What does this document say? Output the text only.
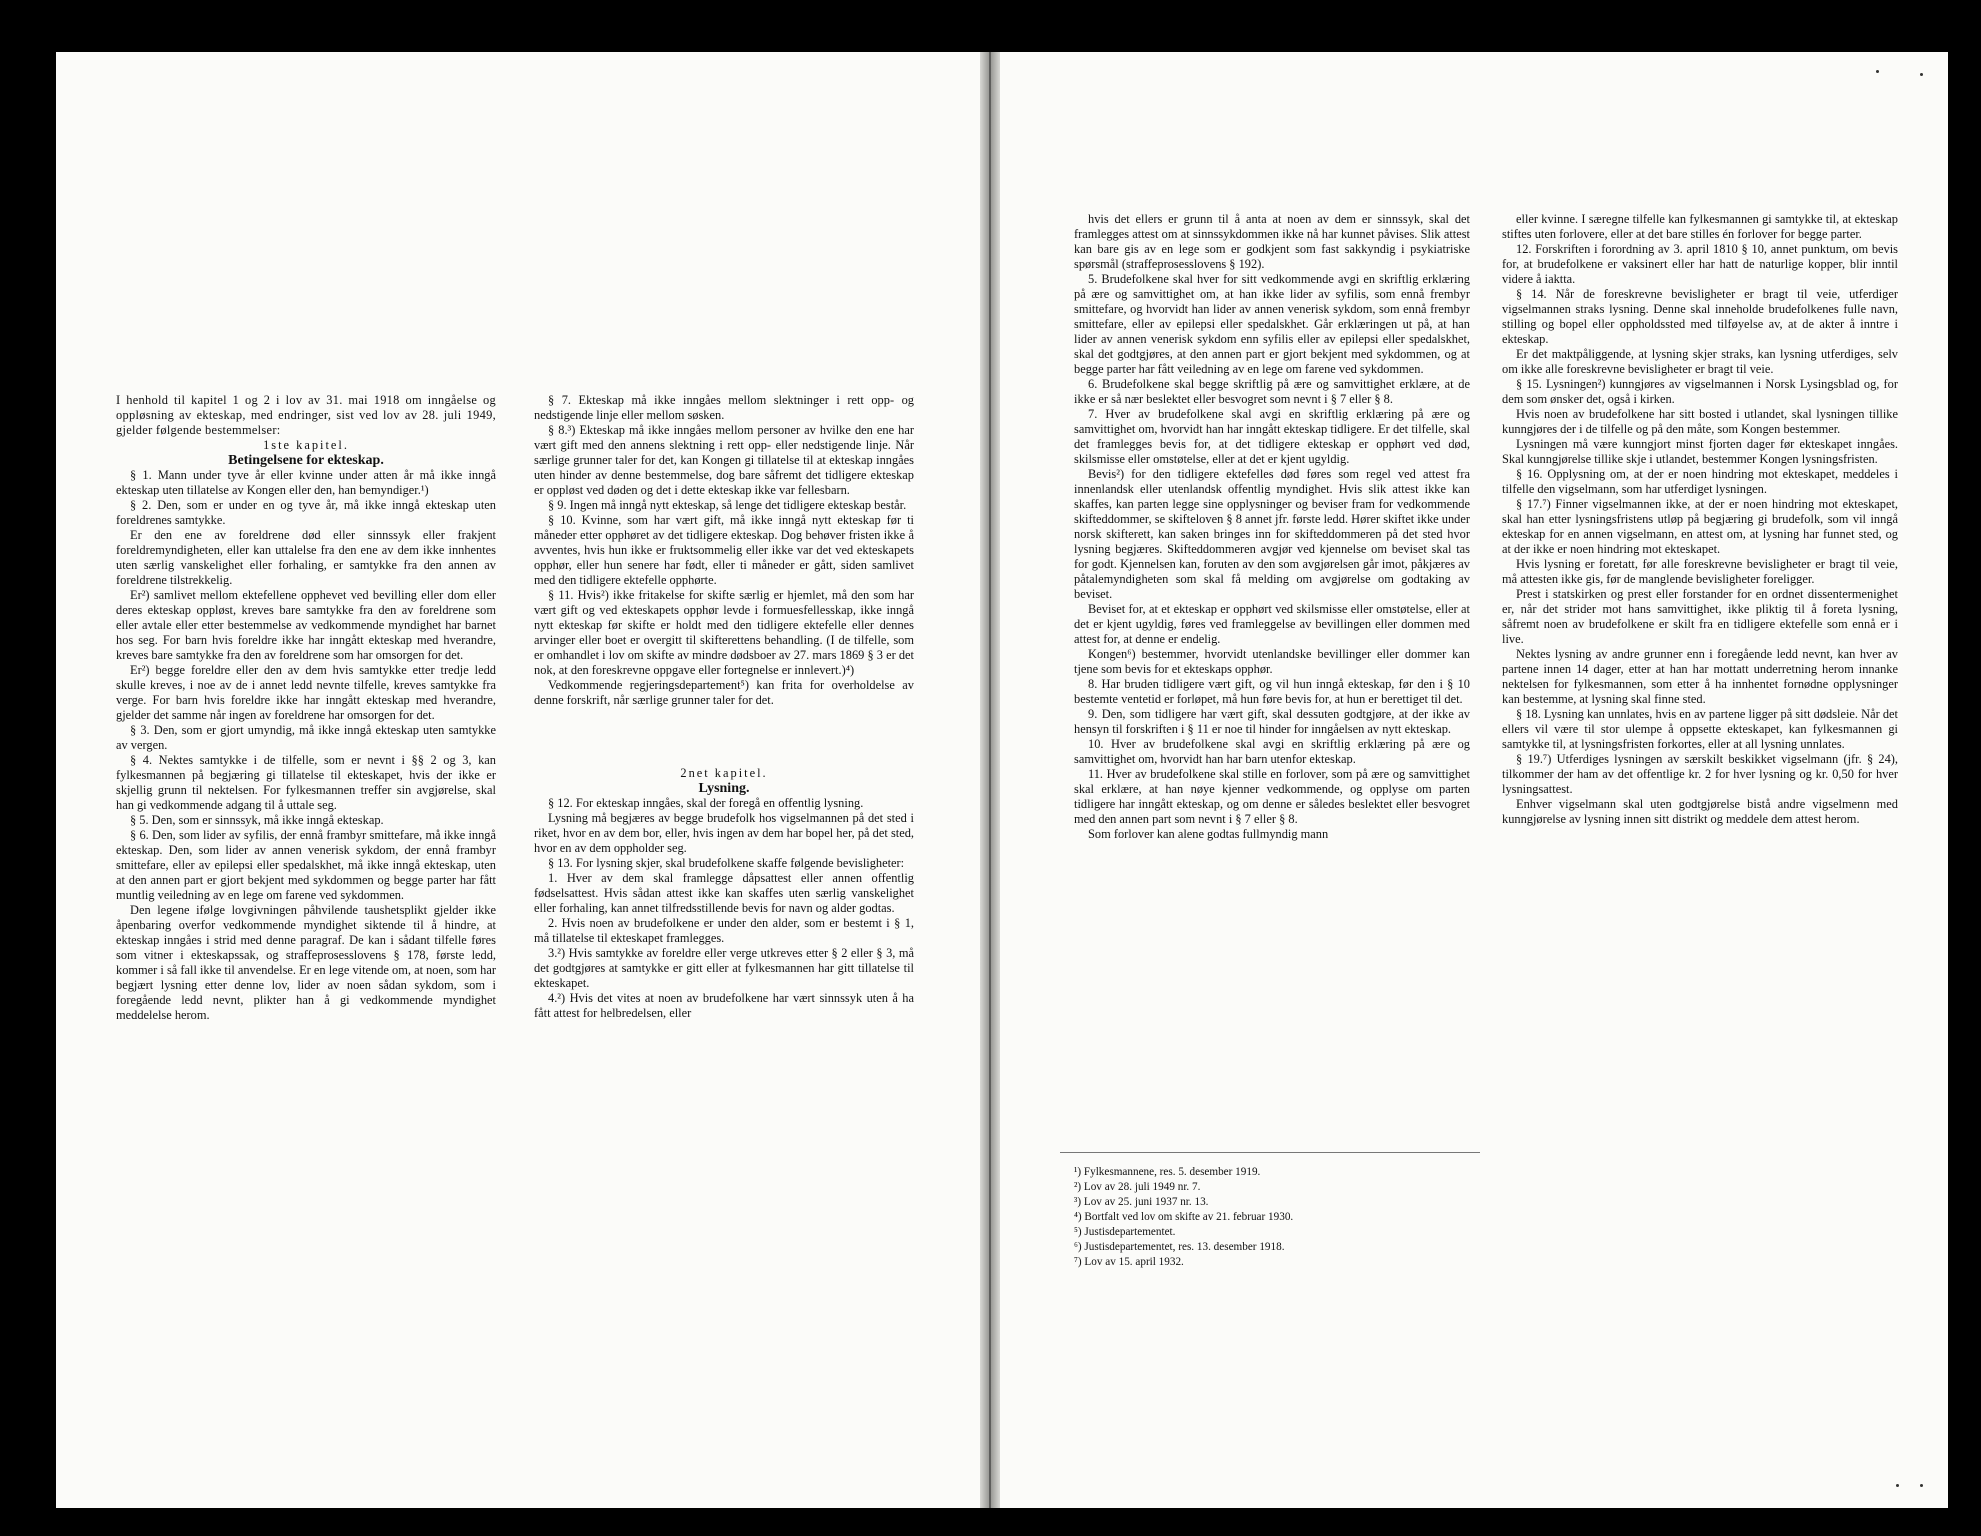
I henhold til kapitel 1 og 2 i lov av 31. mai 1918 om inngåelse og oppløsning av ekteskap, med endringer, sist ved lov av 28. juli 1949, gjelder følgende bestemmelser:

1ste kapitel.

Betingelsene for ekteskap.

§ 1. Mann under tyve år eller kvinne under atten år må ikke inngå ekteskap uten tillatelse av Kongen eller den, han bemyndiger.¹)

§ 2. Den, som er under en og tyve år, må ikke inngå ekteskap uten foreldrenes samtykke.

Er den ene av foreldrene død eller sinnssyk eller frakjent foreldremyndigheten, eller kan uttalelse fra den ene av dem ikke innhentes uten særlig vanskelighet eller forhaling, er samtykke fra den annen av foreldrene tilstrekkelig.

Er²) samlivet mellom ektefellene opphevet ved bevilling eller dom eller deres ekteskap oppløst, kreves bare samtykke fra den av foreldrene som eller avtale eller etter bestemmelse av vedkommende myndighet har barnet hos seg. For barn hvis foreldre ikke har inngått ekteskap med hverandre, kreves bare samtykke fra den av foreldrene som har omsorgen for det.

Er²) begge foreldre eller den av dem hvis samtykke etter tredje ledd skulle kreves, i noe av de i annet ledd nevnte tilfelle, kreves samtykke fra verge. For barn hvis foreldre ikke har inngått ekteskap med hverandre, gjelder det samme når ingen av foreldrene har omsorgen for det.

§ 3. Den, som er gjort umyndig, må ikke inngå ekteskap uten samtykke av vergen.

§ 4. Nektes samtykke i de tilfelle, som er nevnt i §§ 2 og 3, kan fylkesmannen på begjæring gi tillatelse til ekteskapet, hvis der ikke er skjellig grunn til nektelsen. For fylkesmannen treffer sin avgjørelse, skal han gi vedkommende adgang til å uttale seg.

§ 5. Den, som er sinnssyk, må ikke inngå ekteskap.

§ 6. Den, som lider av syfilis, der ennå frambyr smittefare, må ikke inngå ekteskap. Den, som lider av annen venerisk sykdom, der ennå frambyr smittefare, eller av epilepsi eller spedalskhet, må ikke inngå ekteskap, uten at den annen part er gjort bekjent med sykdommen og begge parter har fått muntlig veiledning av en lege om farene ved sykdommen.

Den legene ifølge lovgivningen påhvilende taushetsplikt gjelder ikke åpenbaring overfor vedkommende myndighet siktende til å hindre, at ekteskap inngåes i strid med denne paragraf. De kan i sådant tilfelle føres som vitner i ekteskapssak, og straffeprosesslovens § 178, første ledd, kommer i så fall ikke til anvendelse. Er en lege vitende om, at noen, som har begjært lysning etter denne lov, lider av noen sådan sykdom, som i foregående ledd nevnt, plikter han å gi vedkommende myndighet meddelelse herom.

§ 7. Ekteskap må ikke inngåes mellom slektninger i rett opp- og nedstigende linje eller mellom søsken.

§ 8.³) Ekteskap må ikke inngåes mellom personer av hvilke den ene har vært gift med den annens slektning i rett opp- eller nedstigende linje. Når særlige grunner taler for det, kan Kongen gi tillatelse til at ekteskap inngåes uten hinder av denne bestemmelse, dog bare såfremt det tidligere ekteskap er oppløst ved døden og det i dette ekteskap ikke var fellesbarn.

§ 9. Ingen må inngå nytt ekteskap, så lenge det tidligere ekteskap består.

§ 10. Kvinne, som har vært gift, må ikke inngå nytt ekteskap før ti måneder etter opphøret av det tidligere ekteskap. Dog behøver fristen ikke å avventes, hvis hun ikke er fruktsommelig eller ikke var det ved ekteskapets opphør, eller hun senere har født, eller ti måneder er gått, siden samlivet med den tidligere ektefelle opphørte.

§ 11. Hvis²) ikke fritakelse for skifte særlig er hjemlet, må den som har vært gift og ved ekteskapets opphør levde i formuesfellesskap, ikke inngå nytt ekteskap før skifte er holdt med den tidligere ektefelle eller dennes arvinger eller boet er overgitt til skifterettens behandling. (I de tilfelle, som er omhandlet i lov om skifte av mindre dødsboer av 27. mars 1869 § 3 er det nok, at den foreskrevne oppgave eller fortegnelse er innlevert.)⁴)

Vedkommende regjeringsdepartement⁵) kan frita for overholdelse av denne forskrift, når særlige grunner taler for det.

2net kapitel.

Lysning.

§ 12. For ekteskap inngåes, skal der foregå en offentlig lysning.

Lysning må begjæres av begge brudefolk hos vigselmannen på det sted i riket, hvor en av dem bor, eller, hvis ingen av dem har bopel her, på det sted, hvor en av dem oppholder seg.

§ 13. For lysning skjer, skal brudefolkene skaffe følgende bevisligheter:

1. Hver av dem skal framlegge dåpsattest eller annen offentlig fødselsattest. Hvis sådan attest ikke kan skaffes uten særlig vanskelighet eller forhaling, kan annet tilfredsstillende bevis for navn og alder godtas.

2. Hvis noen av brudefolkene er under den alder, som er bestemt i § 1, må tillatelse til ekteskapet framlegges.

3.²) Hvis samtykke av foreldre eller verge utkreves etter § 2 eller § 3, må det godtgjøres at samtykke er gitt eller at fylkesmannen har gitt tillatelse til ekteskapet.

4.²) Hvis det vites at noen av brudefolkene har vært sinnssyk uten å ha fått attest for helbredelsen, eller

hvis det ellers er grunn til å anta at noen av dem er sinnssyk, skal det framlegges attest om at sinnssykdommen ikke nå har kunnet påvises. Slik attest kan bare gis av en lege som er godkjent som fast sakkyndig i psykiatriske spørsmål (straffeprosesslovens § 192).

5. Brudefolkene skal hver for sitt vedkommende avgi en skriftlig erklæring på ære og samvittighet om, at han ikke lider av syfilis, som ennå frembyr smittefare, og hvorvidt han lider av annen venerisk sykdom, som ennå frembyr smittefare, eller av epilepsi eller spedalskhet. Går erklæringen ut på, at han lider av annen venerisk sykdom enn syfilis eller av epilepsi eller spedalskhet, skal det godtgjøres, at den annen part er gjort bekjent med sykdommen, og at begge parter har fått veiledning av en lege om farene ved sykdommen.

6. Brudefolkene skal begge skriftlig på ære og samvittighet erklære, at de ikke er så nær beslektet eller besvogret som nevnt i § 7 eller § 8.

7. Hver av brudefolkene skal avgi en skriftlig erklæring på ære og samvittighet om, hvorvidt han har inngått ekteskap tidligere. Er det tilfelle, skal det framlegges bevis for, at det tidligere ekteskap er opphørt ved død, skilsmisse eller omstøtelse, eller at det er kjent ugyldig.

Bevis²) for den tidligere ektefelles død føres som regel ved attest fra innenlandsk eller utenlandsk offentlig myndighet. Hvis slik attest ikke kan skaffes, kan parten legge sine opplysninger og beviser fram for vedkommende skifteddommer, se skifteloven § 8 annet jfr. første ledd. Hører skiftet ikke under norsk skifterett, kan saken bringes inn for skifteddommeren på det sted hvor lysning begjæres. Skifteddommeren avgjør ved kjennelse om beviset skal tas for godt. Kjennelsen kan, foruten av den som avgjørelsen går imot, påkjæres av påtalemyndigheten som skal få melding om avgjørelse om godtaking av beviset.

Beviset for, at et ekteskap er opphørt ved skilsmisse eller omstøtelse, eller at det er kjent ugyldig, føres ved framleggelse av bevillingen eller dommen med attest for, at denne er endelig.

Kongen⁶) bestemmer, hvorvidt utenlandske bevillinger eller dommer kan tjene som bevis for et ekteskaps opphør.

8. Har bruden tidligere vært gift, og vil hun inngå ekteskap, før den i § 10 bestemte ventetid er forløpet, må hun føre bevis for, at hun er berettiget til det.

9. Den, som tidligere har vært gift, skal dessuten godtgjøre, at der ikke av hensyn til forskriften i § 11 er noe til hinder for inngåelsen av nytt ekteskap.

10. Hver av brudefolkene skal avgi en skriftlig erklæring på ære og samvittighet om, hvorvidt han har barn utenfor ekteskap.

11. Hver av brudefolkene skal stille en forlover, som på ære og samvittighet skal erklære, at han nøye kjenner vedkommende, og opplyse om parten tidligere har inngått ekteskap, og om denne er således beslektet eller besvogret med den annen part som nevnt i § 7 eller § 8.

Som forlover kan alene godtas fullmyndig mann

¹) Fylkesmannene, res. 5. desember 1919.
²) Lov av 28. juli 1949 nr. 7.
³) Lov av 25. juni 1937 nr. 13.
⁴) Bortfalt ved lov om skifte av 21. februar 1930.
⁵) Justisdepartementet.
⁶) Justisdepartementet, res. 13. desember 1918.
⁷) Lov av 15. april 1932.

eller kvinne. I særegne tilfelle kan fylkesmannen gi samtykke til, at ekteskap stiftes uten forlovere, eller at det bare stilles én forlover for begge parter.

12. Forskriften i forordning av 3. april 1810 § 10, annet punktum, om bevis for, at brudefolkene er vaksinert eller har hatt de naturlige kopper, blir inntil videre å iaktta.

§ 14. Når de foreskrevne bevisligheter er bragt til veie, utferdiger vigselmannen straks lysning. Denne skal inneholde brudefolkenes fulle navn, stilling og bopel eller oppholdssted med tilføyelse av, at de akter å inntre i ekteskap.

Er det maktpåliggende, at lysning skjer straks, kan lysning utferdiges, selv om ikke alle foreskrevne bevisligheter er bragt til veie.

§ 15. Lysningen²) kunngjøres av vigselmannen i Norsk Lysingsblad og, for dem som ønsker det, også i kirken.

Hvis noen av brudefolkene har sitt bosted i utlandet, skal lysningen tillike kunngjøres der i de tilfelle og på den måte, som Kongen bestemmer.

Lysningen må være kunngjort minst fjorten dager før ekteskapet inngåes. Skal kunngjørelse tillike skje i utlandet, bestemmer Kongen lysningsfristen.

§ 16. Opplysning om, at der er noen hindring mot ekteskapet, meddeles i tilfelle den vigselmann, som har utferdiget lysningen.

§ 17.⁷) Finner vigselmannen ikke, at der er noen hindring mot ekteskapet, skal han etter lysningsfristens utløp på begjæring gi brudefolk, som vil inngå ekteskap for en annen vigselmann, en attest om, at lysning har funnet sted, og at der ikke er noen hindring mot ekteskapet.

Hvis lysning er foretatt, før alle foreskrevne bevisligheter er bragt til veie, må attesten ikke gis, før de manglende bevisligheter foreligger.

Prest i statskirken og prest eller forstander for en ordnet dissentermenighet er, når det strider mot hans samvittighet, ikke pliktig til å foreta lysning, såfremt noen av brudefolkene er skilt fra en tidligere ektefelle som ennå er i live.

Nektes lysning av andre grunner enn i foregående ledd nevnt, kan hver av partene innen 14 dager, etter at han har mottatt underretning herom innanke nektelsen for fylkesmannen, som etter å ha innhentet fornødne opplysninger kan bestemme, at lysning skal finne sted.

§ 18. Lysning kan unnlates, hvis en av partene ligger på sitt dødsleie. Når det ellers vil være til stor ulempe å oppsette ekteskapet, kan fylkesmannen gi samtykke til, at lysningsfristen forkortes, eller at all lysning unnlates.

§ 19.⁷) Utferdiges lysningen av særskilt beskikket vigselmann (jfr. § 24), tilkommer der ham av det offentlige kr. 2 for hver lysning og kr. 0,50 for hver lysningsattest.

Enhver vigselmann skal uten godtgjørelse bistå andre vigselmenn med kunngjørelse av lysning innen sitt distrikt og meddele dem attest herom.
